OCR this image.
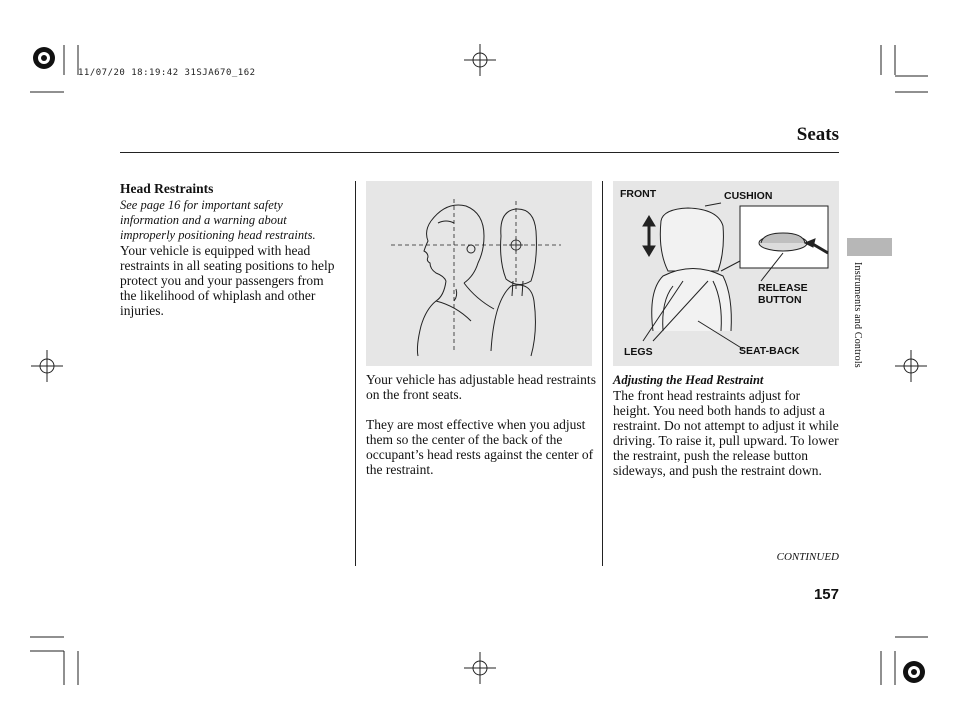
11/07/20 18:19:42 31SJA670_162
Seats
Head Restraints
See page 16 for important safety information and a warning about improperly positioning head restraints.
Your vehicle is equipped with head restraints in all seating positions to help protect you and your passengers from the likelihood of whiplash and other injuries.
Your vehicle has adjustable head restraints on the front seats.
They are most effective when you adjust them so the center of the back of the occupant’s head rests against the center of the restraint.
FRONT	CUSHION
RELEASE BUTTON
LEGS	SEAT-BACK
Adjusting the Head Restraint
The front head restraints adjust for height. You need both hands to adjust a restraint. Do not attempt to adjust it while driving. To raise it, pull upward. To lower the restraint, push the release button sideways, and push the restraint down.
Instruments and Controls
CONTINUED
157
